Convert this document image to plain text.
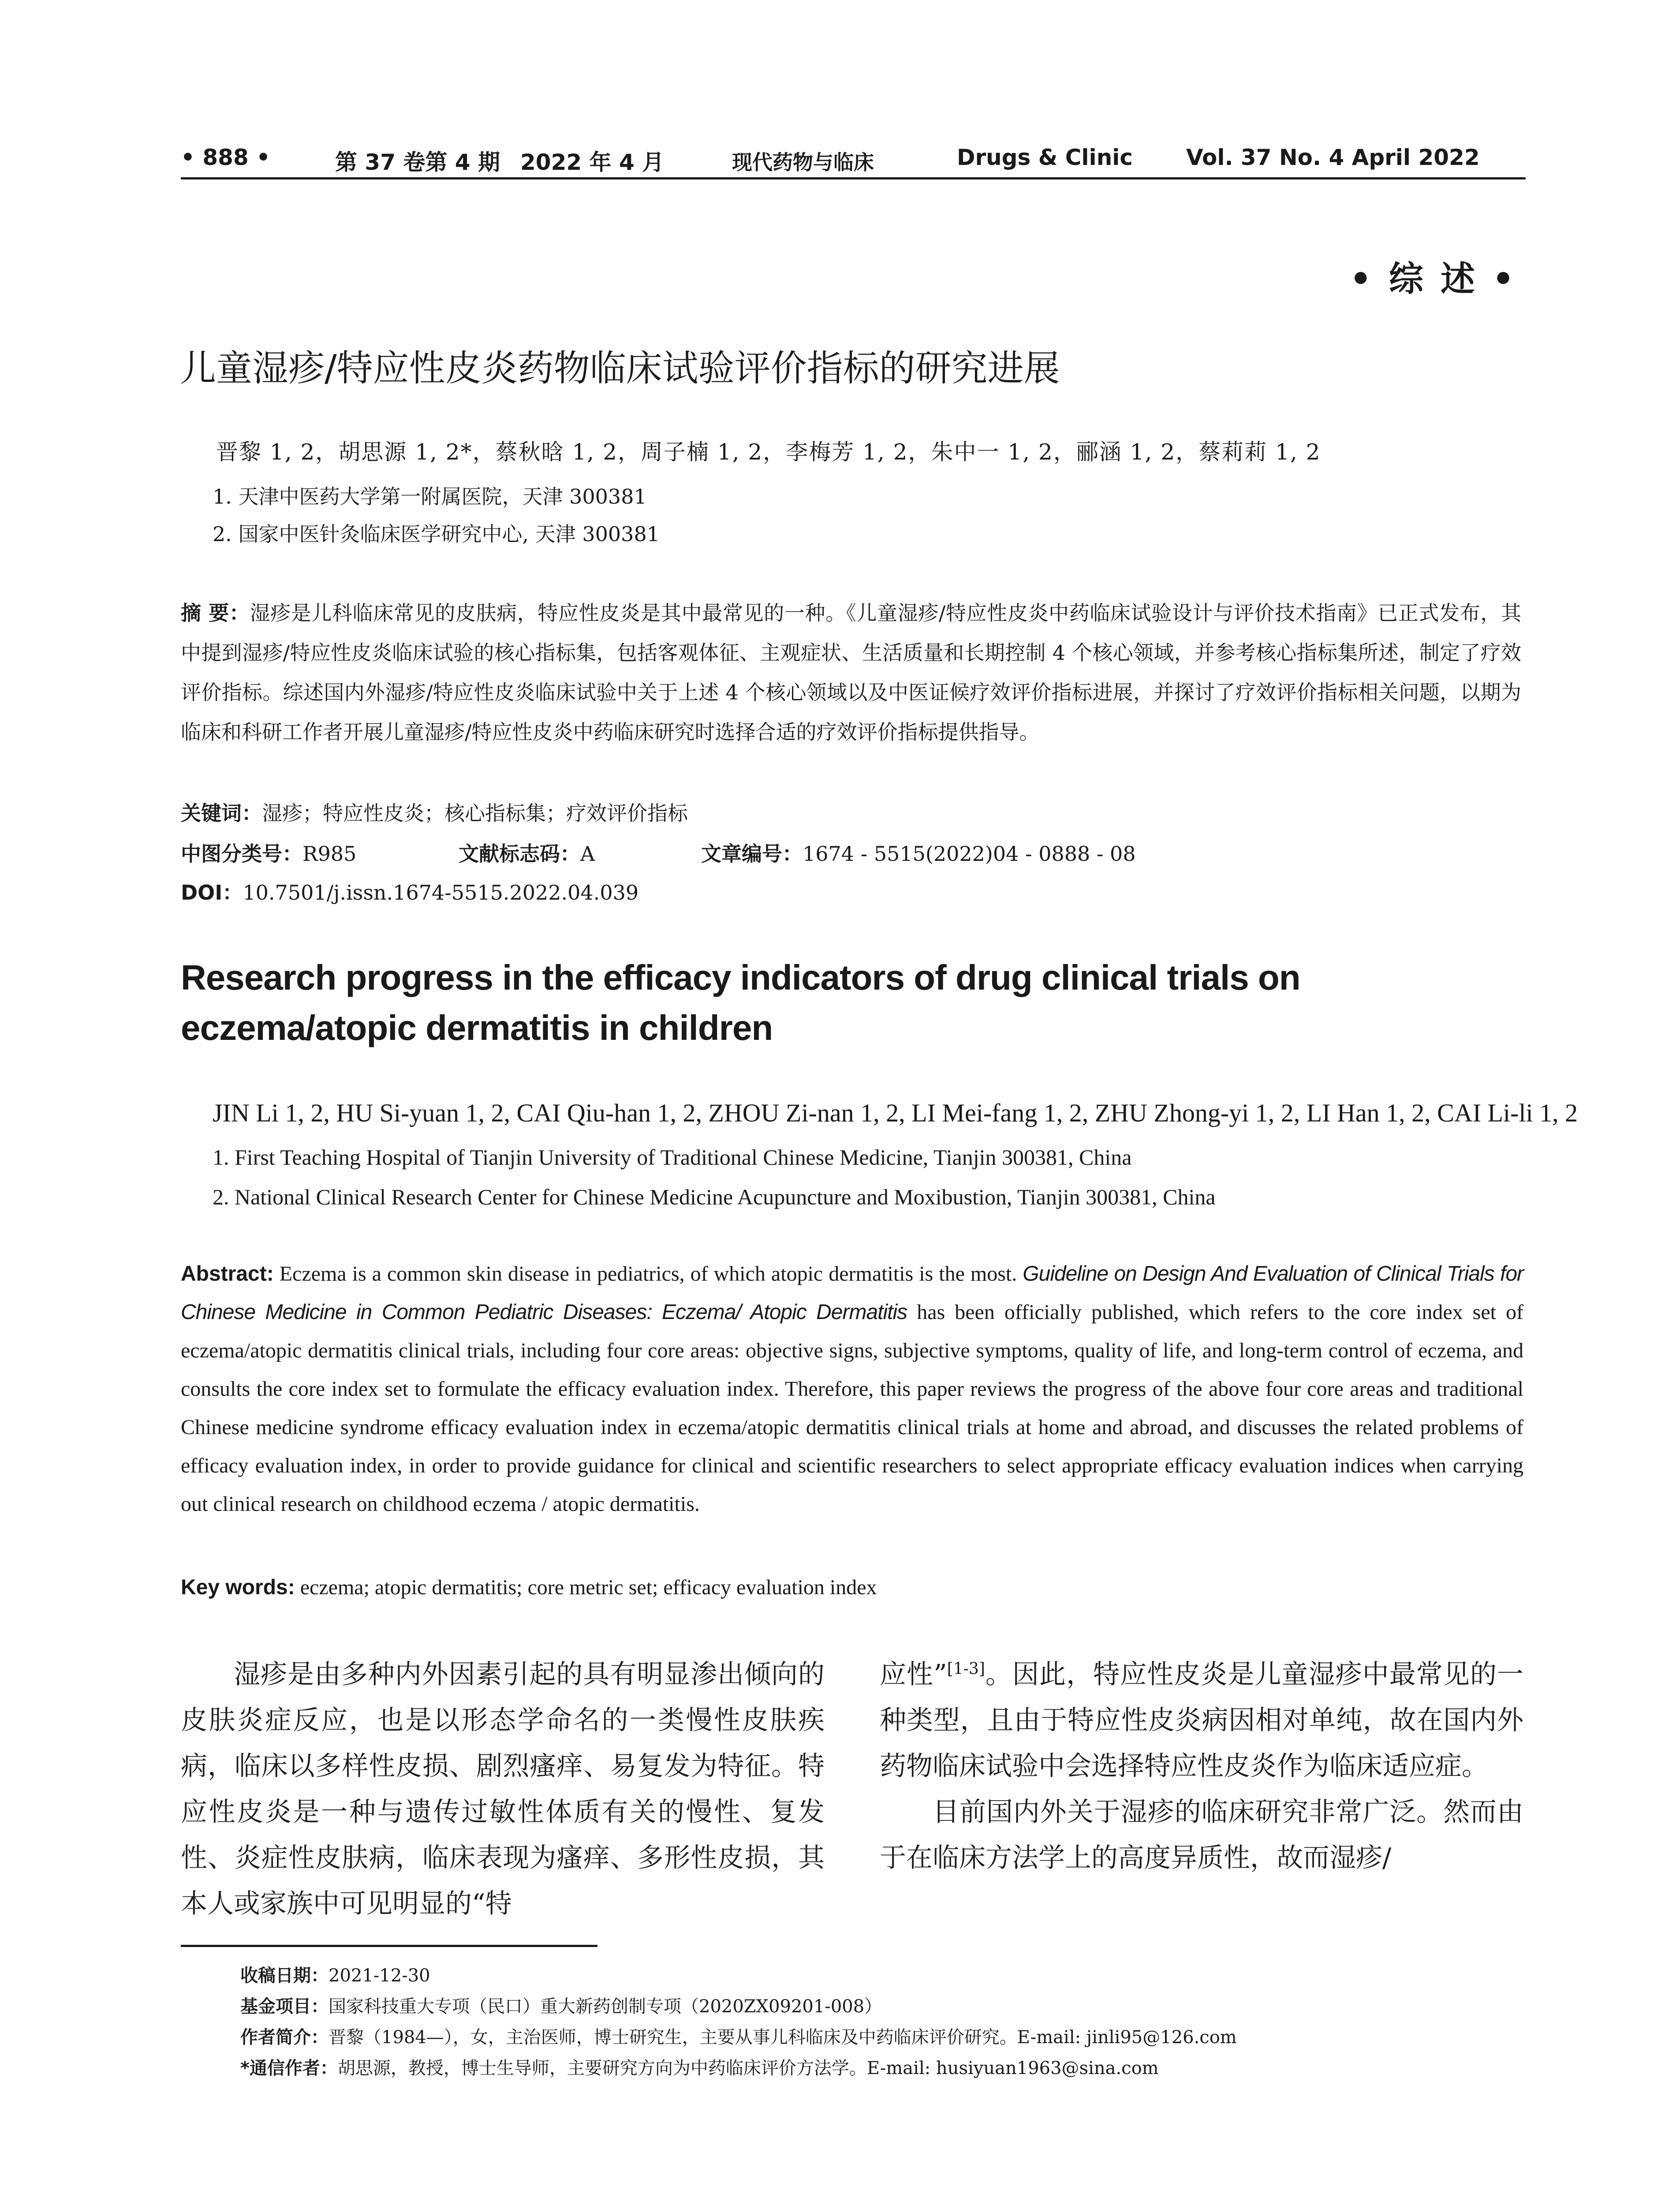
• 888 •	第 37 卷第 4 期 2022 年 4 月	现代药物与临床	Drugs & Clinic Vol. 37 No. 4 April 2022
• 综 述 •
儿童湿疹/特应性皮炎药物临床试验评价指标的研究进展
晋黎 1, 2，胡思源 1, 2*，蔡秋晗 1, 2，周子楠 1, 2，李梅芳 1, 2，朱中一 1, 2，郦涵 1, 2，蔡莉莉 1, 2
1. 天津中医药大学第一附属医院，天津 300381
2. 国家中医针灸临床医学研究中心, 天津 300381
摘 要：湿疹是儿科临床常见的皮肤病，特应性皮炎是其中最常见的一种。《儿童湿疹/特应性皮炎中药临床试验设计与评价技术指南》已正式发布，其中提到湿疹/特应性皮炎临床试验的核心指标集，包括客观体征、主观症状、生活质量和长期控制 4 个核心领域，并参考核心指标集所述，制定了疗效评价指标。综述国内外湿疹/特应性皮炎临床试验中关于上述 4 个核心领域以及中医证候疗效评价指标进展，并探讨了疗效评价指标相关问题，以期为临床和科研工作者开展儿童湿疹/特应性皮炎中药临床研究时选择合适的疗效评价指标提供指导。
关键词：湿疹；特应性皮炎；核心指标集；疗效评价指标
中图分类号：R985	文献标志码：A	文章编号：1674 - 5515(2022)04 - 0888 - 08
DOI：10.7501/j.issn.1674-5515.2022.04.039
Research progress in the efficacy indicators of drug clinical trials on eczema/atopic dermatitis in children
JIN Li 1, 2, HU Si-yuan 1, 2, CAI Qiu-han 1, 2, ZHOU Zi-nan 1, 2, LI Mei-fang 1, 2, ZHU Zhong-yi 1, 2, LI Han 1, 2, CAI Li-li 1, 2
1. First Teaching Hospital of Tianjin University of Traditional Chinese Medicine, Tianjin 300381, China
2. National Clinical Research Center for Chinese Medicine Acupuncture and Moxibustion, Tianjin 300381, China
Abstract: Eczema is a common skin disease in pediatrics, of which atopic dermatitis is the most. Guideline on Design And Evaluation of Clinical Trials for Chinese Medicine in Common Pediatric Diseases: Eczema/ Atopic Dermatitis has been officially published, which refers to the core index set of eczema/atopic dermatitis clinical trials, including four core areas: objective signs, subjective symptoms, quality of life, and long-term control of eczema, and consults the core index set to formulate the efficacy evaluation index. Therefore, this paper reviews the progress of the above four core areas and traditional Chinese medicine syndrome efficacy evaluation index in eczema/atopic dermatitis clinical trials at home and abroad, and discusses the related problems of efficacy evaluation index, in order to provide guidance for clinical and scientific researchers to select appropriate efficacy evaluation indices when carrying out clinical research on childhood eczema / atopic dermatitis.
Key words: eczema; atopic dermatitis; core metric set; efficacy evaluation index

湿疹是由多种内外因素引起的具有明显渗出倾向的皮肤炎症反应，也是以形态学命名的一类慢性皮肤疾病，临床以多样性皮损、剧烈瘙痒、易复发为特征。特应性皮炎是一种与遗传过敏性体质有关的慢性、复发性、炎症性皮肤病，临床表现为瘙痒、多形性皮损，其本人或家族中可见明显的“特

应性”[1-3]。因此，特应性皮炎是儿童湿疹中最常见的一种类型，且由于特应性皮炎病因相对单纯，故在国内外药物临床试验中会选择特应性皮炎作为临床适应症。

目前国内外关于湿疹的临床研究非常广泛。然而由于在临床方法学上的高度异质性，故而湿疹/

收稿日期：2021-12-30
基金项目：国家科技重大专项（民口）重大新药创制专项（2020ZX09201-008）
作者简介：晋黎（1984—），女，主治医师，博士研究生，主要从事儿科临床及中药临床评价研究。E-mail: jinli95@126.com
*通信作者：胡思源，教授，博士生导师，主要研究方向为中药临床评价方法学。E-mail: husiyuan1963@sina.com
